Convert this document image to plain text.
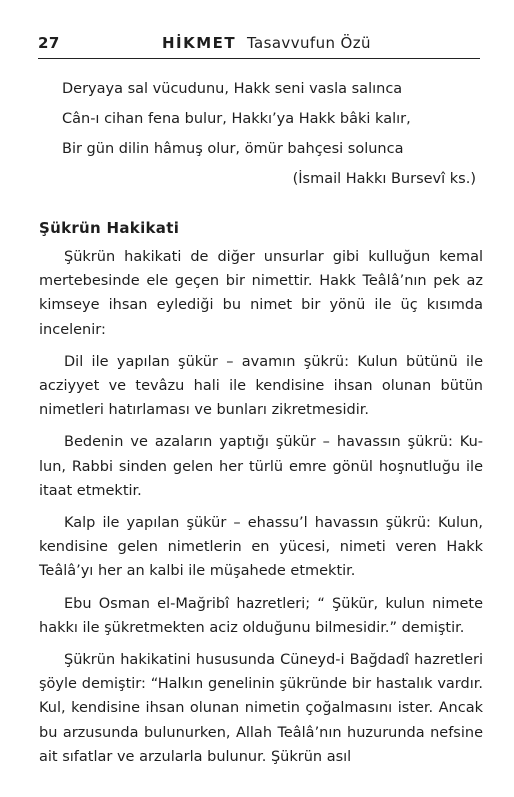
27	HİKMET Tasavvufun Özü
Deryaya sal vücudunu, Hakk seni vasla salınca
Cân-ı cihan fena bulur, Hakkı’ya Hakk bâki kalır,
Bir gün dilin hâmuş olur, ömür bahçesi solunca
(İsmail Hakkı Bursevî ks.)
Şükrün Hakikati

Şükrün hakikati de diğer unsurlar gibi kulluğun kemal mertebesinde ele geçen bir nimettir. Hakk Teâlâ’nın pek az kimseye ihsan eylediği bu nimet bir yönü ile üç kısımda incelenir:

Dil ile yapılan şükür – avamın şükrü: Kulun bütünü ile acziyyet ve tevâzu hali ile kendisine ihsan olunan bütün nimetleri hatırlaması ve bunları zikretmesidir.

Bedenin ve azaların yaptığı şükür – havassın şükrü: Kulun, Rabbi sinden gelen her türlü emre gönül hoşnutluğu ile itaat etmektir.

Kalp ile yapılan şükür – ehassu’l havassın şükrü: Kulun, kendisine gelen nimetlerin en yücesi, nimeti veren Hakk Teâlâ’yı her an kalbi ile müşahede etmektir.

Ebu Osman el-Mağribî hazretleri; “ Şükür, kulun nimete hakkı ile şükretmekten aciz olduğunu bilmesidir.” demiştir.

Şükrün hakikatini hususunda Cüneyd-i Bağdadî hazretleri şöyle demiştir: “Halkın genelinin şükründe bir hastalık vardır. Kul, kendisine ihsan olunan nimetin çoğalmasını ister. Ancak bu arzusunda bulunurken, Allah Teâlâ’nın huzurunda nefsine ait sıfatlar ve arzularla bulunur. Şükrün asıl
